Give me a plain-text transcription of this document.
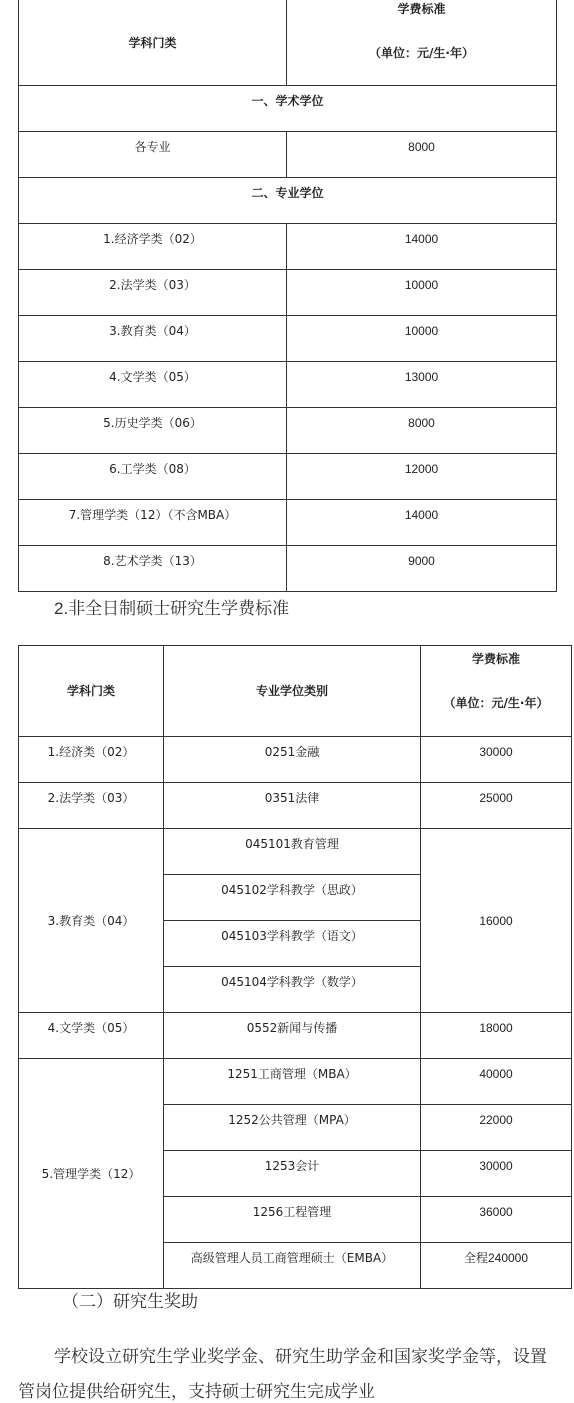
学科门类	学费标准
（单位：元/生·年）

一、学术学位	

各专业	8000

二、专业学位	

1.经济学类（02）	14000

2.法学类（03）	10000

3.教育类（04）	10000

4.文学类（05）	13000

5.历史学类（06）	8000

6.工学类（08）	12000

7.管理学类（12）（不含MBA）	14000

8.艺术学类（13）	9000
2.非全日制硕士研究生学费标准
学科门类	专业学位类别	学费标准
（单位：元/生·年）

1.经济类（02）	0251金融	30000

2.法学类（03）	0351法律	25000

3.教育类（04）	045101教育管理	16000

	045102学科教学（思政）	

	045103学科教学（语文）	

	045104学科教学（数学）	

4.文学类（05）	0552新闻与传播	18000

5.管理学类（12）	1251工商管理（MBA）	40000

	1252公共管理（MPA）	22000

	1253会计	30000

	1256工程管理	36000

	高级管理人员工商管理硕士（EMBA）	全程240000
（二）研究生奖助
学校设立研究生学业奖学金、研究生助学金和国家奖学金等，设置
管岗位提供给研究生，支持硕士研究生完成学业
